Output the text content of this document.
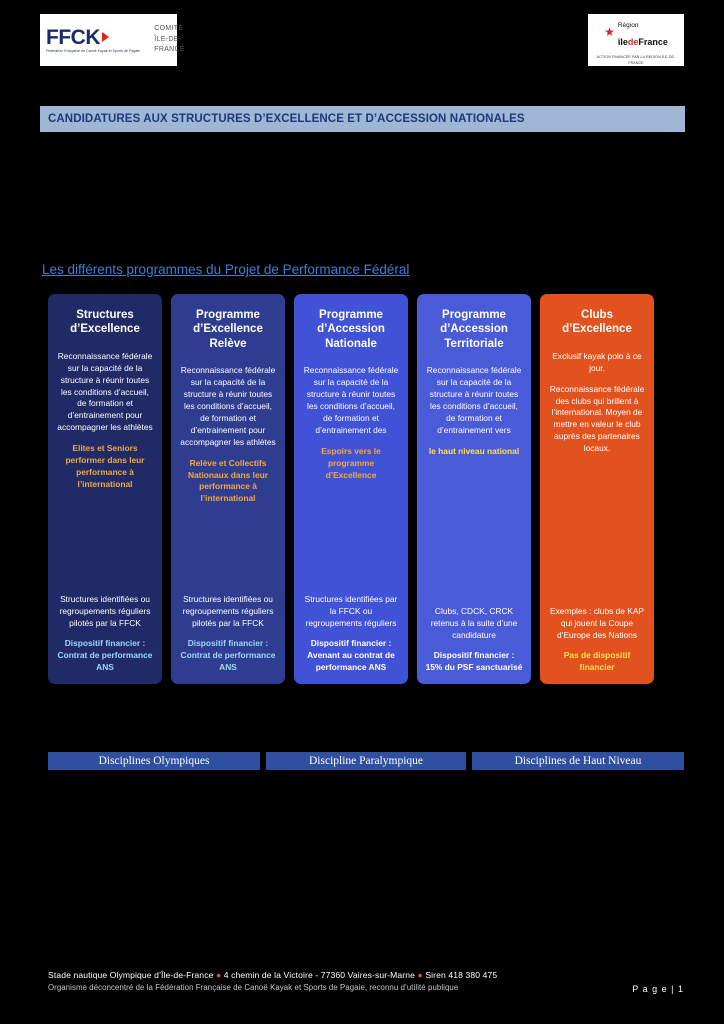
FFCK
Fédération Française de Canoë Kayak et Sports de Pagaie
COMITÉ
ÎLE-DE-FRANCE
★ Région
îledeFrance
ACTION FINANCÉE PAR LA RÉGION ÎLE-DE-FRANCE
CANDIDATURES AUX STRUCTURES D’EXCELLENCE ET D’ACCESSION NATIONALES
Les différents programmes du Projet de Performance Fédéral
Structures d’Excellence

Reconnaissance fédérale sur la capacité de la structure à réunir toutes les conditions d’accueil, de formation et d’entrainement pour accompagner les athlètes

Elites et Seniors performer dans leur performance à l’international

Structures identifiées ou regroupements réguliers pilotés par la FFCK
Dispositif financier : Contrat de performance ANS
Programme d’Excellence Relève

Reconnaissance fédérale sur la capacité de la structure à réunir toutes les conditions d’accueil, de formation et d’entrainement pour accompagner les athlètes

Relève et Collectifs Nationaux dans leur performance à l’international

Structures identifiées ou regroupements réguliers pilotés par la FFCK
Dispositif financier : Contrat de performance ANS
Programme d’Accession Nationale

Reconnaissance fédérale sur la capacité de la structure à réunir toutes les conditions d’accueil, de formation et d’entrainement des

Espoirs vers le programme d’Excellence

Structures identifiées par la FFCK ou regroupements réguliers
Dispositif financier : Avenant au contrat de performance ANS
Programme d’Accession Territoriale

Reconnaissance fédérale sur la capacité de la structure à réunir toutes les conditions d’accueil, de formation et d’entrainement vers

le haut niveau national

Clubs, CDCK, CRCK retenus à la suite d’une candidature
Dispositif financier : 15% du PSF sanctuarisé
Clubs d’Excellence

Exclusif kayak polo à ce jour.

Reconnaissance fédérale des clubs qui brillent à l’international. Moyen de mettre en valeur le club auprès des partenaires locaux.

Exemples : clubs de KAP qui jouent la Coupe d’Europe des Nations
Pas de dispositif financier
Disciplines Olympiques	Discipline Paralympique	Disciplines de Haut Niveau
Stade nautique Olympique d’Île-de-France ● 4 chemin de la Victoire - 77360 Vaires-sur-Marne ● Siren 418 380 475
Organisme déconcentré de la Fédération Française de Canoë Kayak et Sports de Pagaie, reconnu d’utilité publique	P a g e | 1
